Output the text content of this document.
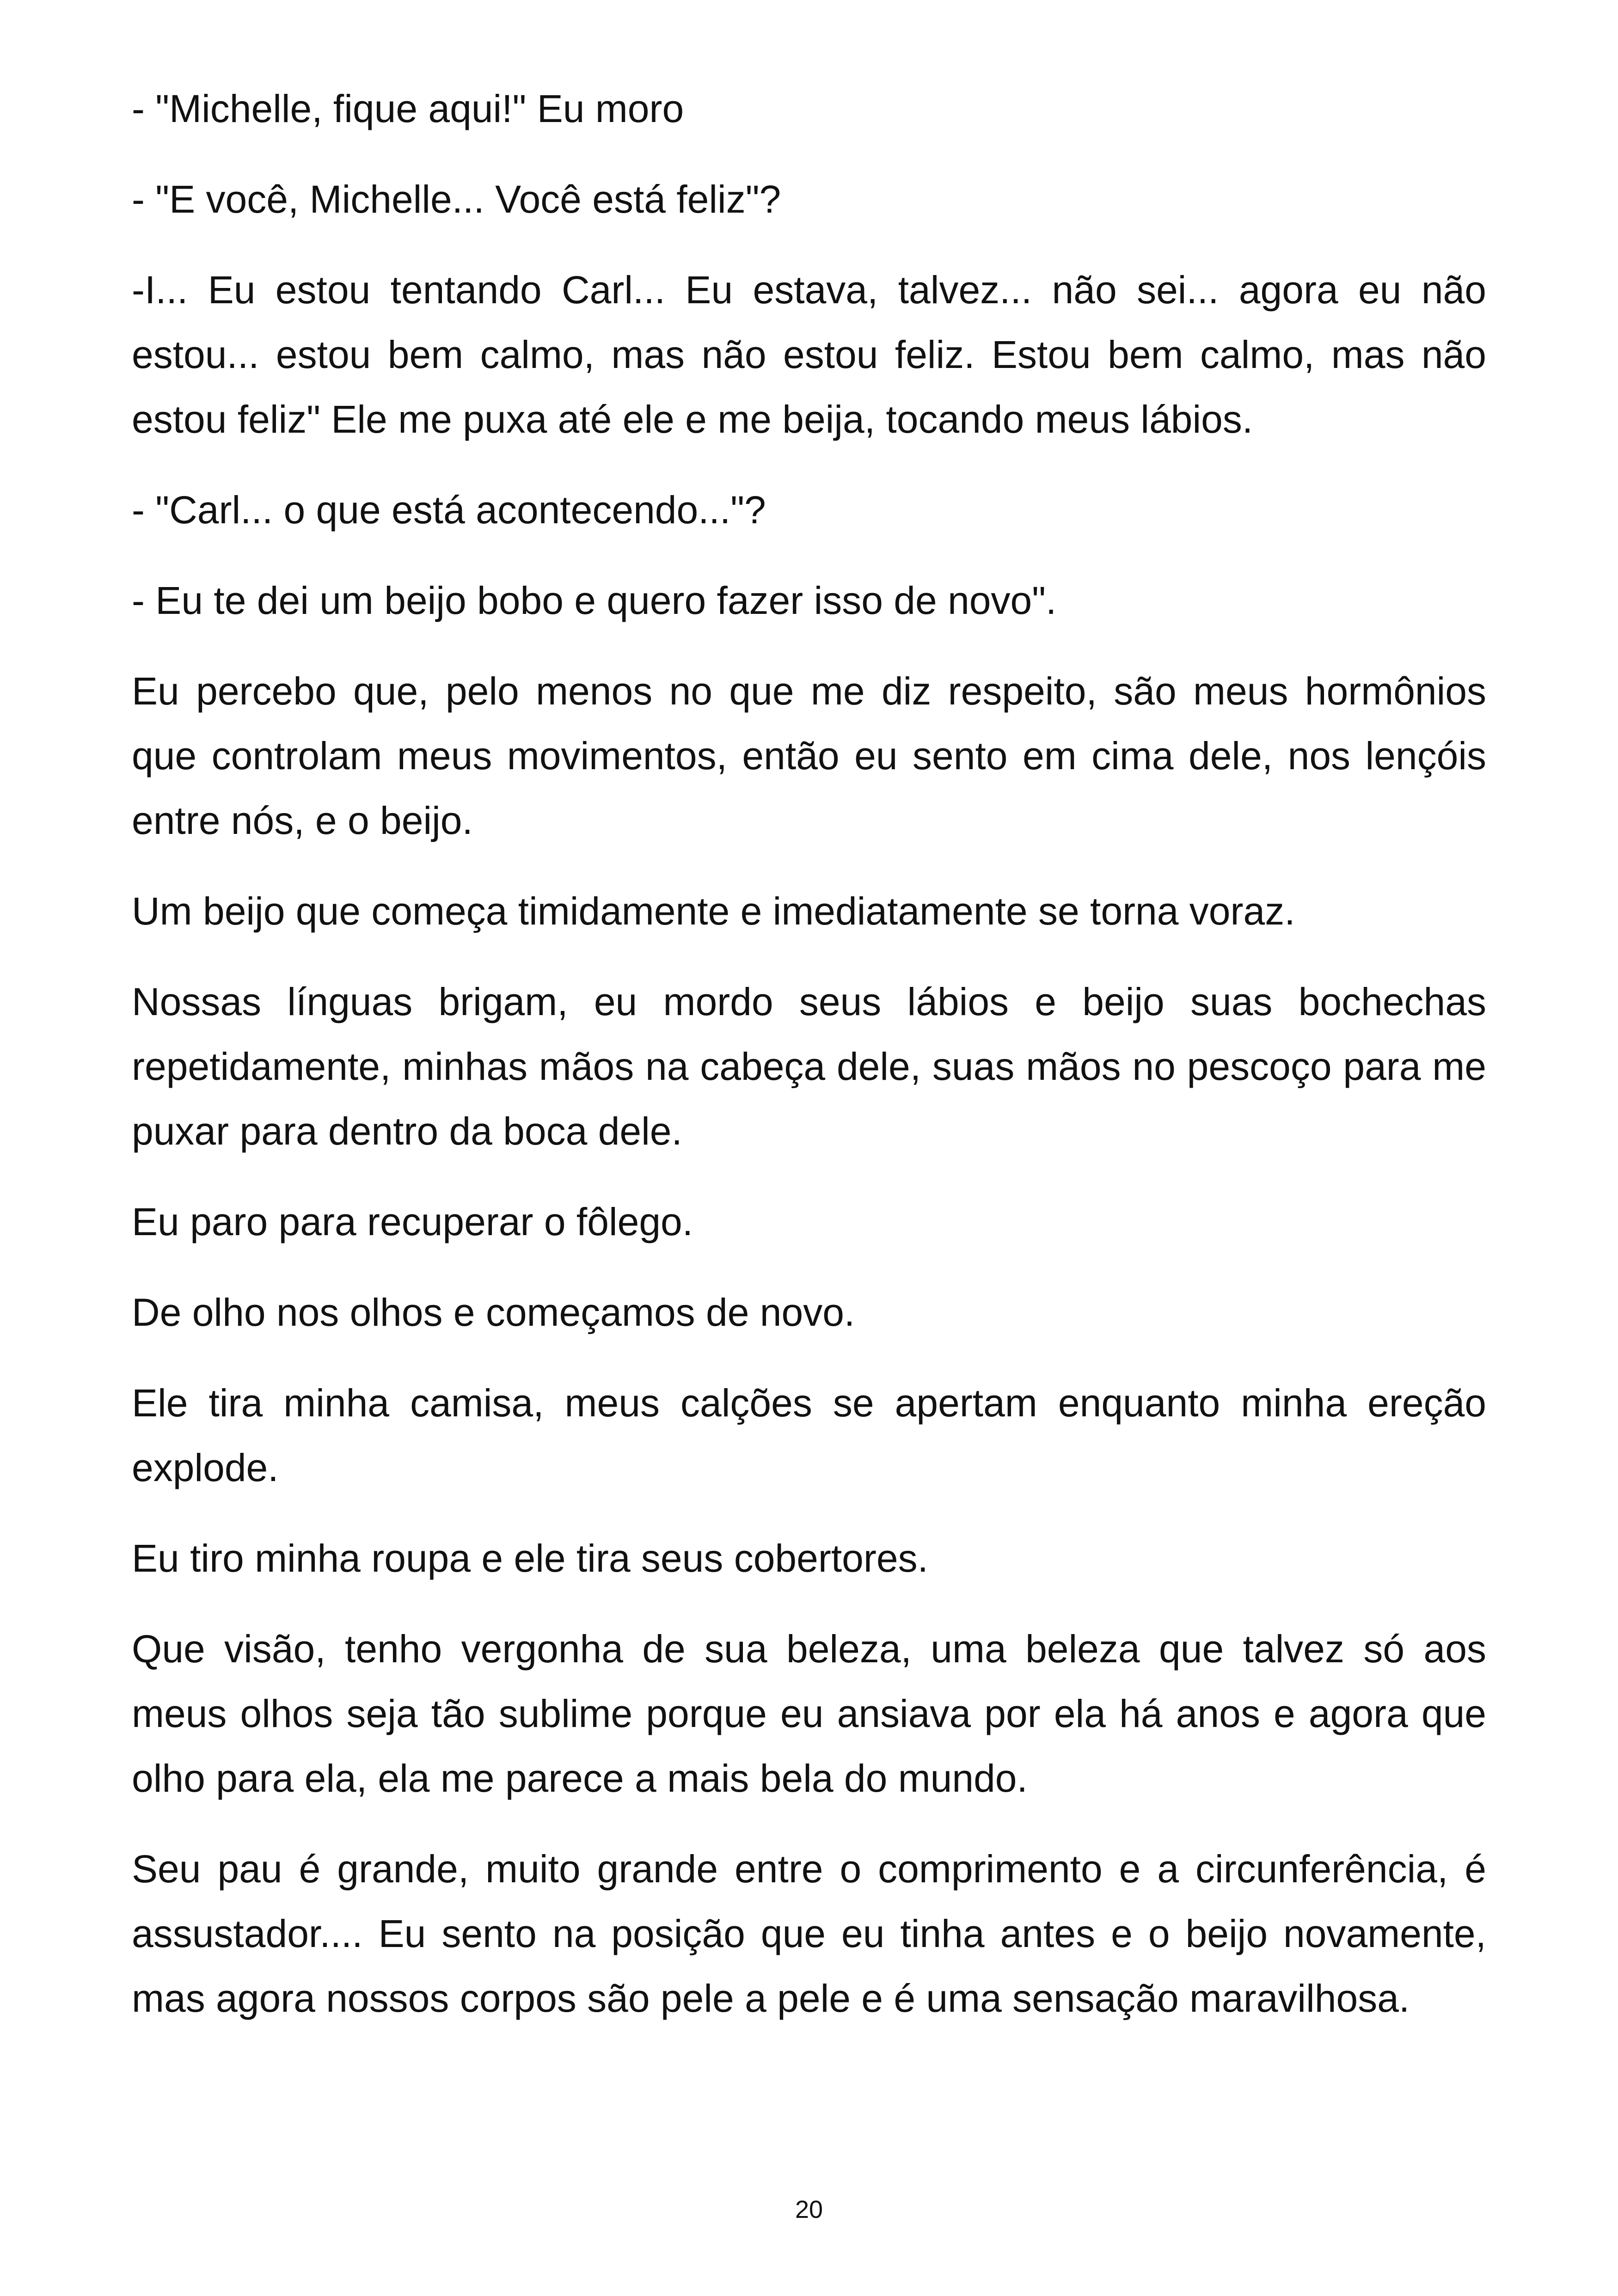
- "Michelle, fique aqui!" Eu moro

- "E você, Michelle... Você está feliz"?

-I... Eu estou tentando Carl... Eu estava, talvez... não sei... agora eu não estou... estou bem calmo, mas não estou feliz. Estou bem calmo, mas não estou feliz" Ele me puxa até ele e me beija, tocando meus lábios.

- "Carl... o que está acontecendo..."?

- Eu te dei um beijo bobo e quero fazer isso de novo".

Eu percebo que, pelo menos no que me diz respeito, são meus hormônios que controlam meus movimentos, então eu sento em cima dele, nos lençóis entre nós, e o beijo.

Um beijo que começa timidamente e imediatamente se torna voraz.

Nossas línguas brigam, eu mordo seus lábios e beijo suas bochechas repetidamente, minhas mãos na cabeça dele, suas mãos no pescoço para me puxar para dentro da boca dele.

Eu paro para recuperar o fôlego.

De olho nos olhos e começamos de novo.

Ele tira minha camisa, meus calções se apertam enquanto minha ereção explode.

Eu tiro minha roupa e ele tira seus cobertores.

Que visão, tenho vergonha de sua beleza, uma beleza que talvez só aos meus olhos seja tão sublime porque eu ansiava por ela há anos e agora que olho para ela, ela me parece a mais bela do mundo.

Seu pau é grande, muito grande entre o comprimento e a circunferência, é assustador.... Eu sento na posição que eu tinha antes e o beijo novamente, mas agora nossos corpos são pele a pele e é uma sensação maravilhosa.

20
